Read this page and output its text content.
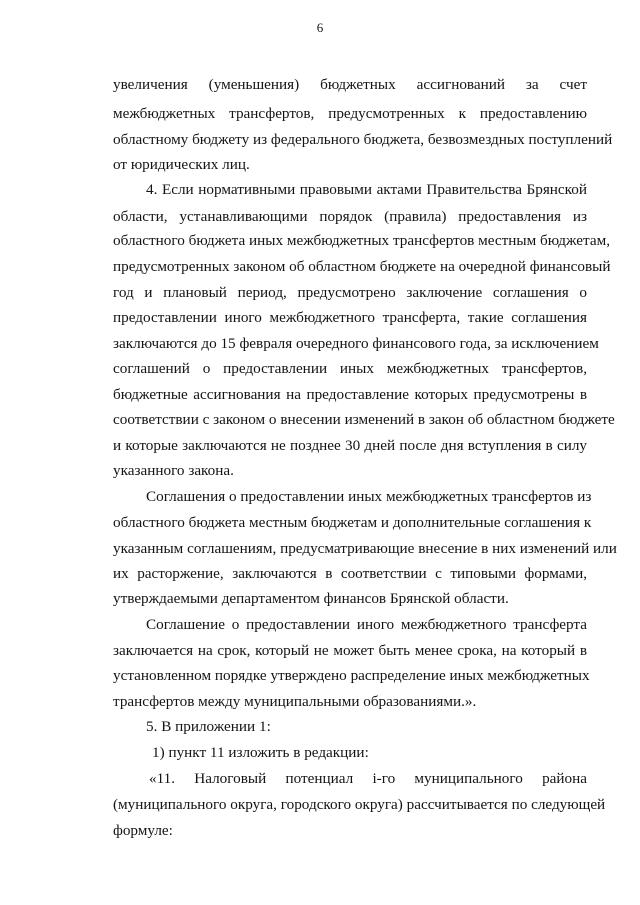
6
увеличения (уменьшения) бюджетных ассигнований за счет
межбюджетных трансфертов, предусмотренных к предоставлению
областному бюджету из федерального бюджета, безвозмездных поступлений
от юридических лиц.
4. Если нормативными правовыми актами Правительства Брянской
области, устанавливающими порядок (правила) предоставления из
областного бюджета иных межбюджетных трансфертов местным бюджетам,
предусмотренных законом об областном бюджете на очередной финансовый
год и плановый период, предусмотрено заключение соглашения о
предоставлении иного межбюджетного трансферта, такие соглашения
заключаются до 15 февраля очередного финансового года, за исключением
соглашений о предоставлении иных межбюджетных трансфертов,
бюджетные ассигнования на предоставление которых предусмотрены в
соответствии с законом о внесении изменений в закон об областном бюджете
и которые заключаются не позднее 30 дней после дня вступления в силу
указанного закона.
Соглашения о предоставлении иных межбюджетных трансфертов из
областного бюджета местным бюджетам и дополнительные соглашения к
указанным соглашениям, предусматривающие внесение в них изменений или
их расторжение, заключаются в соответствии с типовыми формами,
утверждаемыми департаментом финансов Брянской области.
Соглашение о предоставлении иного межбюджетного трансферта
заключается на срок, который не может быть менее срока, на который в
установленном порядке утверждено распределение иных межбюджетных
трансфертов между муниципальными образованиями.».
5. В приложении 1:
1) пункт 11 изложить в редакции:
«11. Налоговый потенциал i-го муниципального района
(муниципального округа, городского округа) рассчитывается по следующей
формуле:
